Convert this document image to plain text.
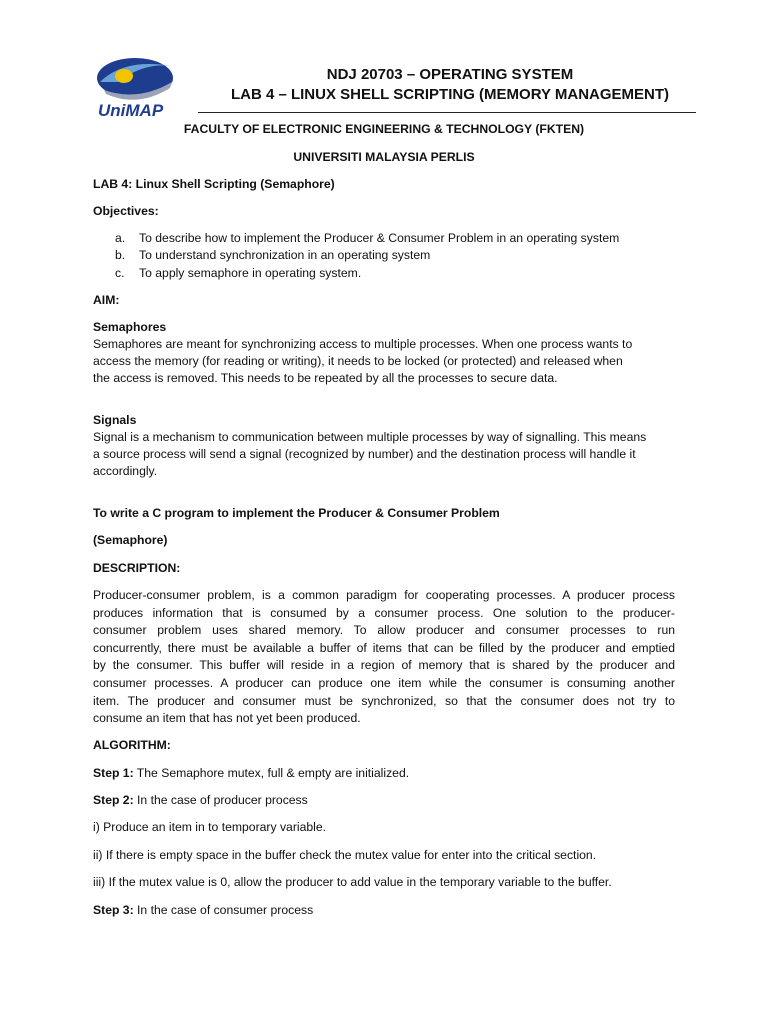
UniMAP
NDJ 20703 – OPERATING SYSTEM
LAB 4 – LINUX SHELL SCRIPTING (MEMORY MANAGEMENT)
FACULTY OF ELECTRONIC ENGINEERING & TECHNOLOGY (FKTEN)
UNIVERSITI MALAYSIA PERLIS
LAB 4: Linux Shell Scripting (Semaphore)
Objectives:
a. To describe how to implement the Producer & Consumer Problem in an operating system
b. To understand synchronization in an operating system
c. To apply semaphore in operating system.
AIM:
Semaphores
Semaphores are meant for synchronizing access to multiple processes. When one process wants to
access the memory (for reading or writing), it needs to be locked (or protected) and released when
the access is removed. This needs to be repeated by all the processes to secure data.
Signals
Signal is a mechanism to communication between multiple processes by way of signalling. This means
a source process will send a signal (recognized by number) and the destination process will handle it
accordingly.
To write a C program to implement the Producer & Consumer Problem
(Semaphore)
DESCRIPTION:
Producer-consumer problem, is a common paradigm for cooperating processes. A producer process
produces information that is consumed by a consumer process. One solution to the producer-
consumer problem uses shared memory. To allow producer and consumer processes to run
concurrently, there must be available a buffer of items that can be filled by the producer and emptied
by the consumer. This buffer will reside in a region of memory that is shared by the producer and
consumer processes. A producer can produce one item while the consumer is consuming another
item. The producer and consumer must be synchronized, so that the consumer does not try to
consume an item that has not yet been produced.
ALGORITHM:
Step 1: The Semaphore mutex, full & empty are initialized.
Step 2: In the case of producer process
i) Produce an item in to temporary variable.
ii) If there is empty space in the buffer check the mutex value for enter into the critical section.
iii) If the mutex value is 0, allow the producer to add value in the temporary variable to the buffer.
Step 3: In the case of consumer process
